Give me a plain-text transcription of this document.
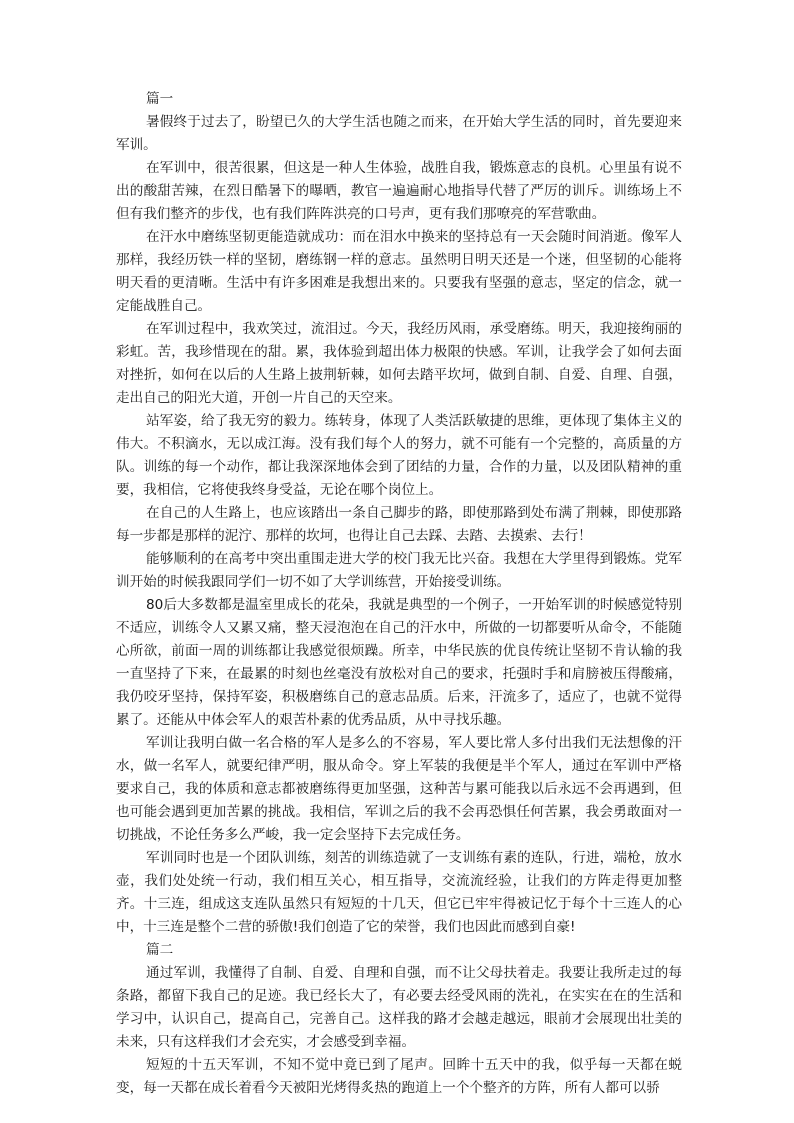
篇一

暑假终于过去了，盼望已久的大学生活也随之而来，在开始大学生活的同时，首先要迎来军训。

在军训中，很苦很累，但这是一种人生体验，战胜自我，锻炼意志的良机。心里虽有说不出的酸甜苦辣，在烈日酷暑下的曝晒，教官一遍遍耐心地指导代替了严厉的训斥。训练场上不但有我们整齐的步伐，也有我们阵阵洪亮的口号声，更有我们那嘹亮的军营歌曲。

在汗水中磨练坚韧更能造就成功：而在泪水中换来的坚持总有一天会随时间消逝。像军人那样，我经历铁一样的坚韧，磨练钢一样的意志。虽然明日明天还是一个迷，但坚韧的心能将明天看的更清晰。生活中有许多困难是我想出来的。只要我有坚强的意志，坚定的信念，就一定能战胜自己。

在军训过程中，我欢笑过，流泪过。今天，我经历风雨，承受磨练。明天，我迎接绚丽的彩虹。苦，我珍惜现在的甜。累，我体验到超出体力极限的快感。军训，让我学会了如何去面对挫折，如何在以后的人生路上披荆斩棘，如何去踏平坎坷，做到自制、自爱、自理、自强，走出自己的阳光大道，开创一片自己的天空来。

站军姿，给了我无穷的毅力。练转身，体现了人类活跃敏捷的思维，更体现了集体主义的伟大。不积滴水，无以成江海。没有我们每个人的努力，就不可能有一个完整的，高质量的方队。训练的每一个动作，都让我深深地体会到了团结的力量，合作的力量，以及团队精神的重要，我相信，它将使我终身受益，无论在哪个岗位上。

在自己的人生路上，也应该踏出一条自己脚步的路，即使那路到处布满了荆棘，即使那路每一步都是那样的泥泞、那样的坎坷，也得让自己去踩、去踏、去摸索、去行！

能够顺利的在高考中突出重围走进大学的校门我无比兴奋。我想在大学里得到锻炼。党军训开始的时候我跟同学们一切不如了大学训练营，开始接受训练。

80后大多数都是温室里成长的花朵，我就是典型的一个例子，一开始军训的时候感觉特别不适应，训练令人又累又痛，整天浸泡泡在自己的汗水中，所做的一切都要听从命令，不能随心所欲，前面一周的训练都让我感觉很烦躁。所幸，中华民族的优良传统让坚韧不肯认输的我一直坚持了下来，在最累的时刻也丝毫没有放松对自己的要求，托强时手和肩膀被压得酸痛，我仍咬牙坚持，保持军姿，积极磨练自己的意志品质。后来，汗流多了，适应了，也就不觉得累了。还能从中体会军人的艰苦朴素的优秀品质，从中寻找乐趣。

军训让我明白做一名合格的军人是多么的不容易，军人要比常人多付出我们无法想像的汗水，做一名军人，就要纪律严明，服从命令。穿上军装的我便是半个军人，通过在军训中严格要求自己，我的体质和意志都被磨练得更加坚强，这种苦与累可能我以后永远不会再遇到，但也可能会遇到更加苦累的挑战。我相信，军训之后的我不会再恐惧任何苦累，我会勇敢面对一切挑战，不论任务多么严峻，我一定会坚持下去完成任务。

军训同时也是一个团队训练，刻苦的训练造就了一支训练有素的连队，行进，端枪，放水壶，我们处处统一行动，我们相互关心，相互指导，交流流经验，让我们的方阵走得更加整齐。十三连，组成这支连队虽然只有短短的十几天，但它已牢牢得被记忆于每个十三连人的心中，十三连是整个二营的骄傲!我们创造了它的荣誉，我们也因此而感到自豪!

篇二

通过军训，我懂得了自制、自爱、自理和自强，而不让父母扶着走。我要让我所走过的每条路，都留下我自己的足迹。我已经长大了，有必要去经受风雨的洗礼，在实实在在的生活和学习中，认识自己，提高自己，完善自己。这样我的路才会越走越远，眼前才会展现出壮美的未来，只有这样我们才会充实，才会感受到幸福。

短短的十五天军训，不知不觉中竟已到了尾声。回眸十五天中的我，似乎每一天都在蜕变，每一天都在成长着看今天被阳光烤得炙热的跑道上一个个整齐的方阵，所有人都可以骄
